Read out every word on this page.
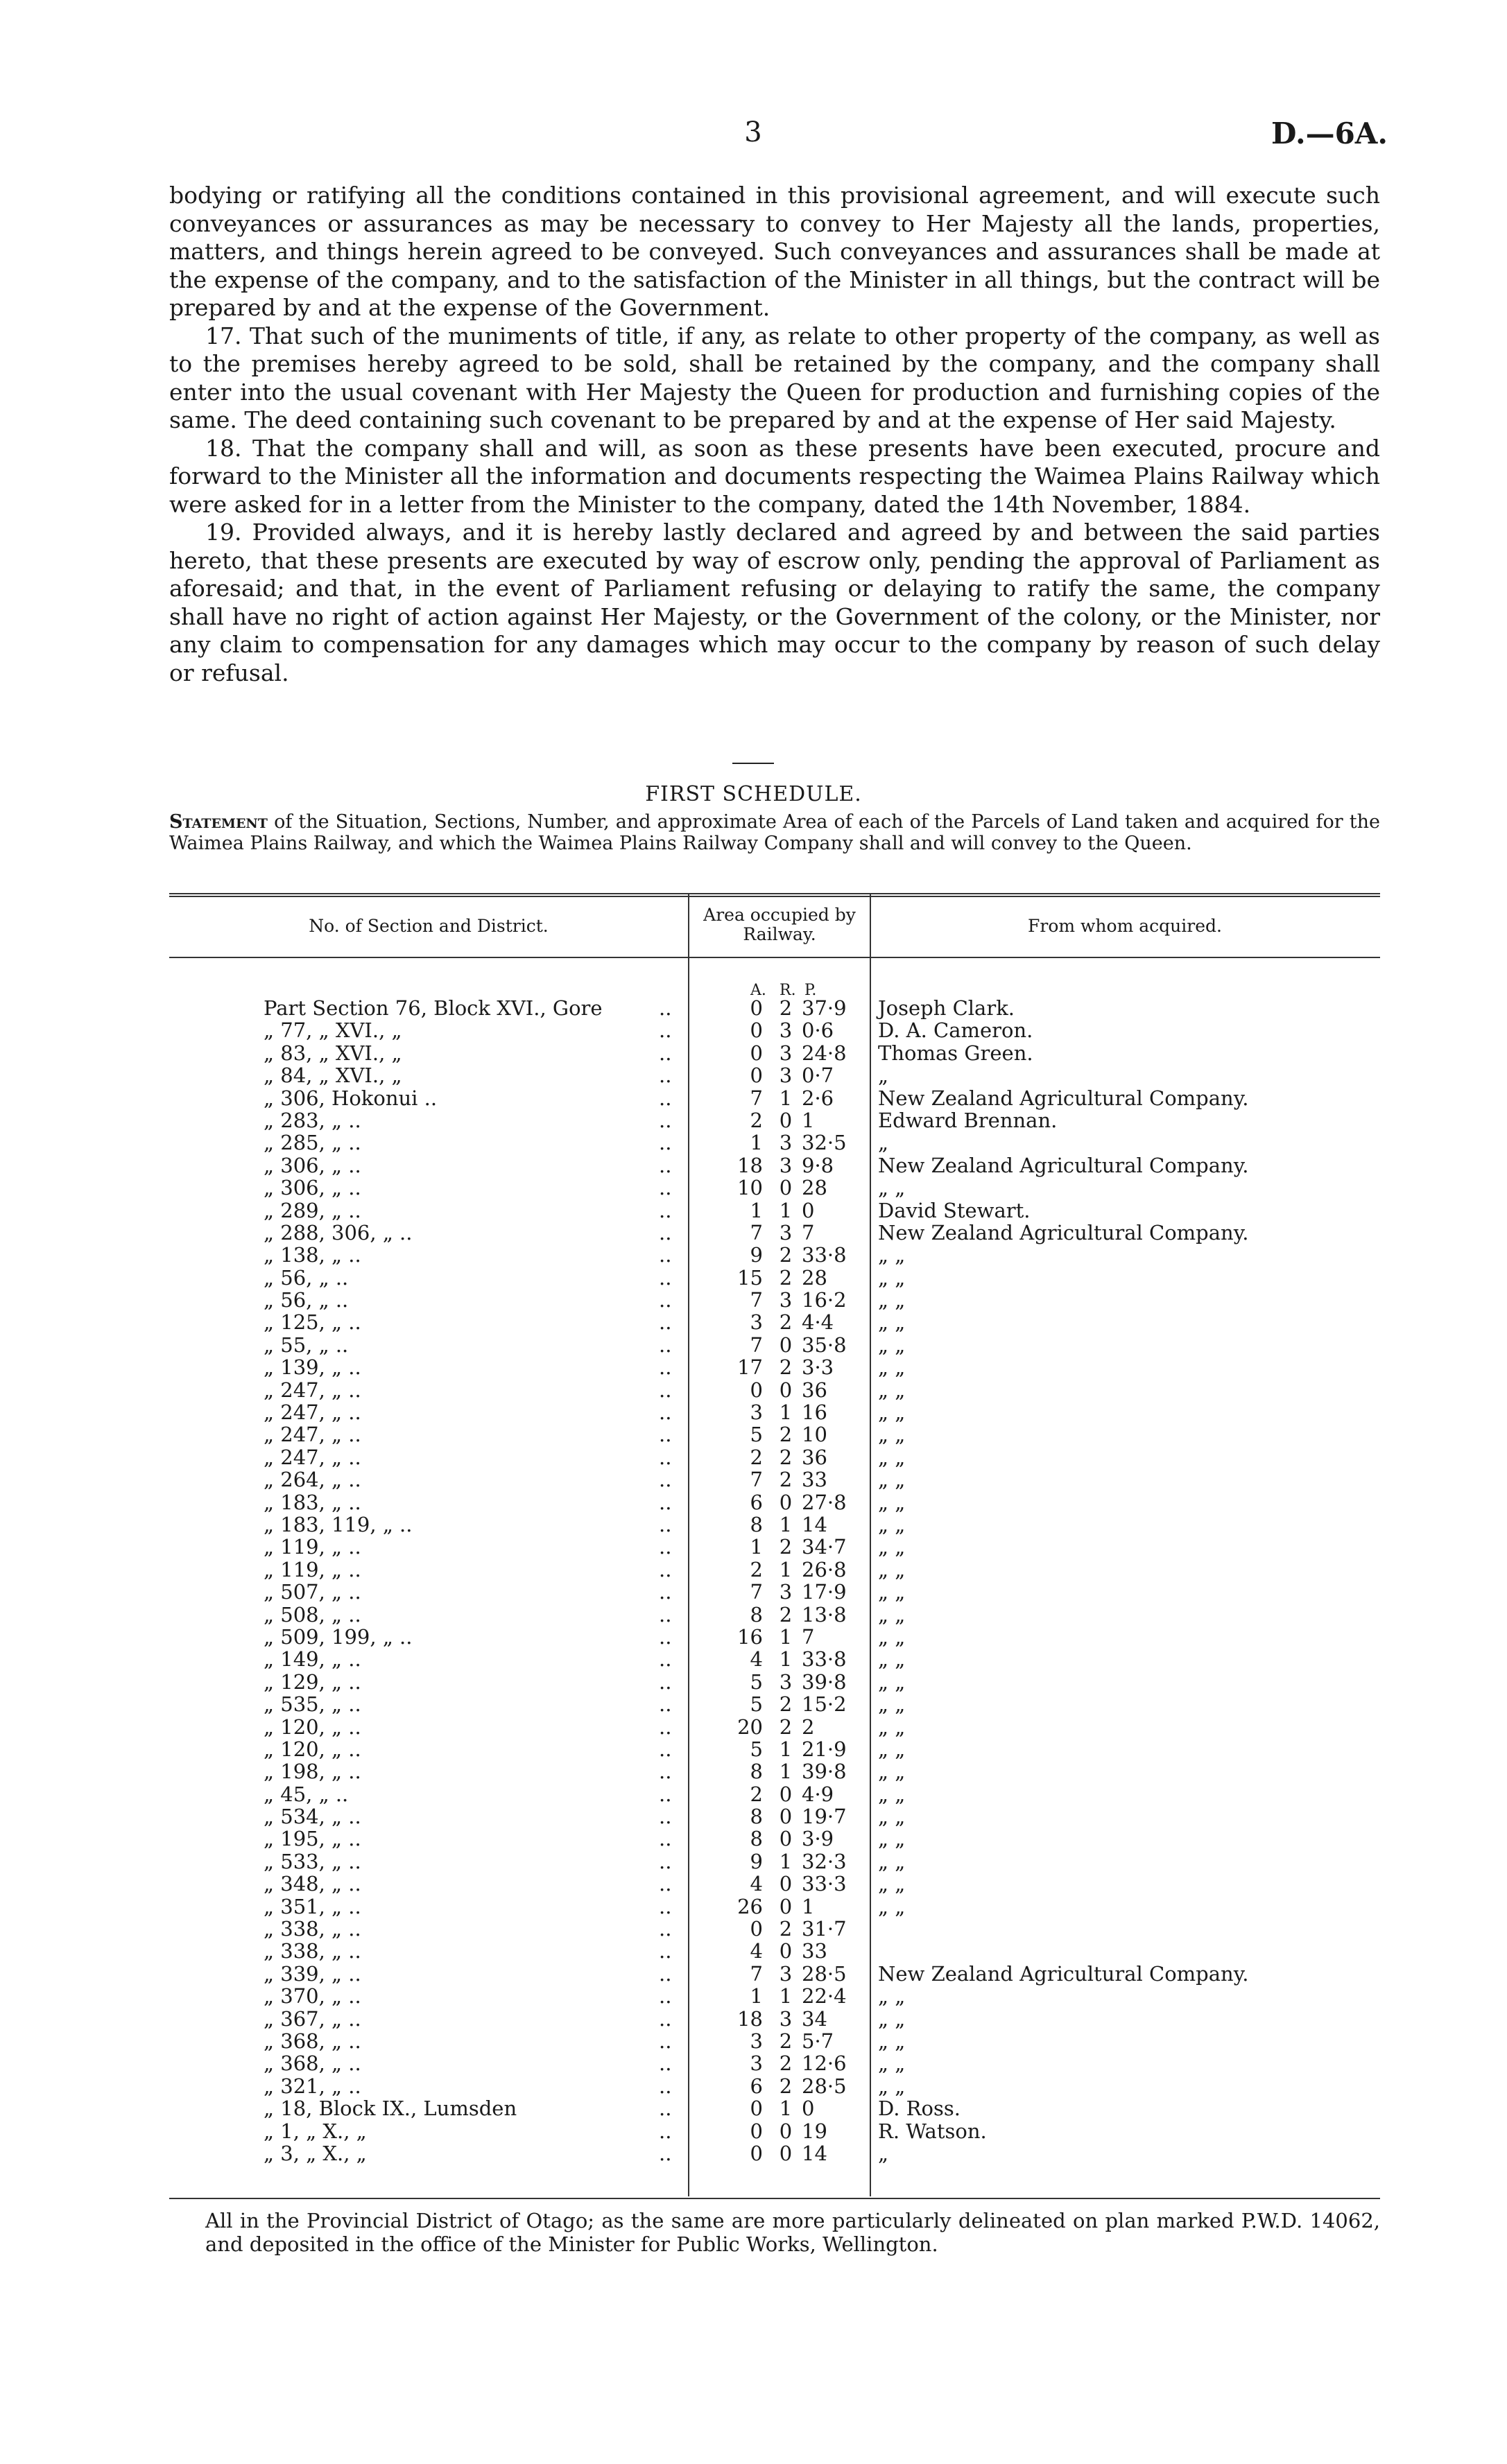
3	D.—6A.

bodying or ratifying all the conditions contained in this provisional agreement, and will execute such conveyances or assurances as may be necessary to convey to Her Majesty all the lands, properties, matters, and things herein agreed to be conveyed. Such conveyances and assurances shall be made at the expense of the company, and to the satisfaction of the Minister in all things, but the contract will be prepared by and at the expense of the Government.

17. That such of the muniments of title, if any, as relate to other property of the company, as well as to the premises hereby agreed to be sold, shall be retained by the company, and the company shall enter into the usual covenant with Her Majesty the Queen for production and furnishing copies of the same. The deed containing such covenant to be prepared by and at the expense of Her said Majesty.

18. That the company shall and will, as soon as these presents have been executed, procure and forward to the Minister all the information and documents respecting the Waimea Plains Railway which were asked for in a letter from the Minister to the company, dated the 14th November, 1884.

19. Provided always, and it is hereby lastly declared and agreed by and between the said parties hereto, that these presents are executed by way of escrow only, pending the approval of Parliament as aforesaid; and that, in the event of Parliament refusing or delaying to ratify the same, the company shall have no right of action against Her Majesty, or the Government of the colony, or the Minister, nor any claim to compensation for any damages which may occur to the company by reason of such delay or refusal.

FIRST SCHEDULE.
Statement of the Situation, Sections, Number, and approximate Area of each of the Parcels of Land taken and acquired for the Waimea Plains Railway, and which the Waimea Plains Railway Company shall and will convey to the Queen.
No. of Section and District.
Area occupied by Railway.	From whom acquired.
A. R. P.
Part Section 76, Block XVI., Gore	..	0 2 37·9 Joseph Clark.
„ 77, „ XVI., „	..	0 3 0·6 D. A. Cameron.
„ 83, „ XVI., „	..	0 3 24·8 Thomas Green.
„ 84, „ XVI., „	..	0 3 0·7 „
„ 306, Hokonui ..	..	7 1 2·6 New Zealand Agricultural Company.
„ 283, „ ..	..	2 0 1	Edward Brennan.
„ 285, „ ..	..	1 3 32·5 „
„ 306, „ ..	..	18 3 9·8 New Zealand Agricultural Company.
„ 306, „ ..	..	10 0 28	„ „
„ 289, „ ..	..	1 1 0	David Stewart.
„ 288, 306, „ ..	..	7 3 7	New Zealand Agricultural Company.
„ 138, „ ..	..	9 2 33·8 „ „
„ 56, „ ..	..	15 2 28	„ „
„ 56, „ ..	..	7 3 16·2 „ „
„ 125, „ ..	..	3 2 4·4 „ „
„ 55, „ ..	..	7 0 35·8 „ „
„ 139, „ ..	..	17 2 3·3 „ „
„ 247, „ ..	..	0 0 36	„ „
„ 247, „ ..	..	3 1 16	„ „
„ 247, „ ..	..	5 2 10	„ „
„ 247, „ ..	..	2 2 36	„ „
„ 264, „ ..	..	7 2 33	„ „
„ 183, „ ..	..	6 0 27·8 „ „
„ 183, 119, „ ..	..	8 1 14	„ „
„ 119, „ ..	..	1 2 34·7 „ „
„ 119, „ ..	..	2 1 26·8 „ „
„ 507, „ ..	..	7 3 17·9 „ „
„ 508, „ ..	..	8 2 13·8 „ „
„ 509, 199, „ ..	..	16 1 7	„ „
„ 149, „ ..	..	4 1 33·8 „ „
„ 129, „ ..	..	5 3 39·8 „ „
„ 535, „ ..	..	5 2 15·2 „ „
„ 120, „ ..	..	20 2 2	„ „
„ 120, „ ..	..	5 1 21·9 „ „
„ 198, „ ..	..	8 1 39·8 „ „
„ 45, „ ..	..	2 0 4·9 „ „
„ 534, „ ..	..	8 0 19·7 „ „
„ 195, „ ..	..	8 0 3·9 „ „
„ 533, „ ..	..	9 1 32·3 „ „
„ 348, „ ..	..	4 0 33·3 „ „
„ 351, „ ..	..	26 0 1	„ „
„ 338, „ ..	..	0 2 31·7
„ 338, „ ..	..	4 0 33
„ 339, „ ..	..	7 3 28·5 New Zealand Agricultural Company.
„ 370, „ ..	..	1 1 22·4 „ „
„ 367, „ ..	..	18 3 34	„ „
„ 368, „ ..	..	3 2 5·7 „ „
„ 368, „ ..	..	3 2 12·6 „ „
„ 321, „ ..	..	6 2 28·5 „ „
„ 18, Block IX., Lumsden	..	0 1 0	D. Ross.
„ 1, „ X., „	..	0 0 19	R. Watson.
„ 3, „ X., „	..	0 0 14	„
All in the Provincial District of Otago; as the same are more particularly delineated on plan marked P.W.D. 14062, and deposited in the office of the Minister for Public Works, Wellington.
